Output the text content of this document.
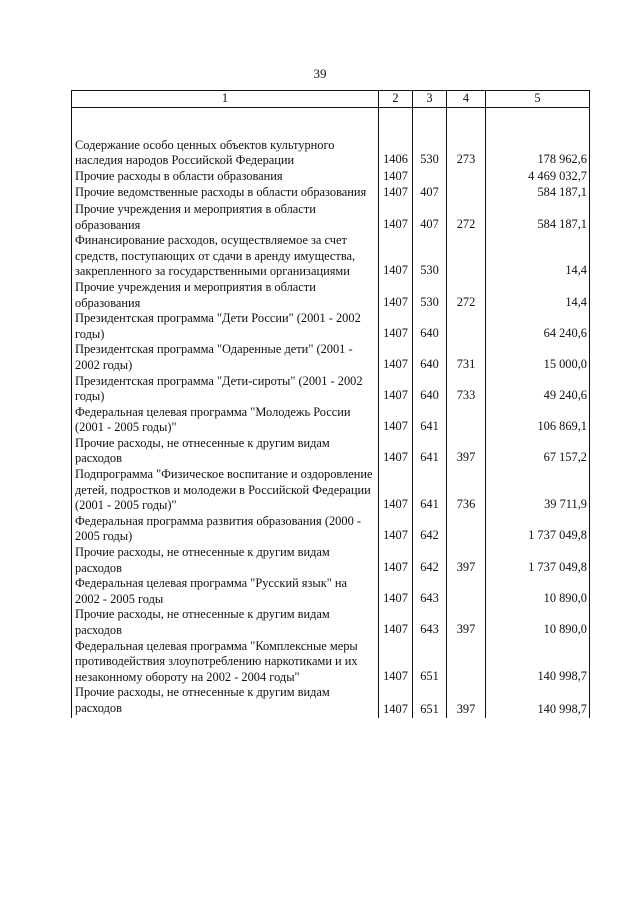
39
1	2	3	4	5

Содержание особо ценных объектов культурного наследия народов Российской Федерации	1406	530	273	178 962,6
Прочие расходы в области образования	1407			4 469 032,7
Прочие ведомственные расходы в области образования	1407	407		584 187,1
Прочие учреждения и мероприятия в области образования	1407	407	272	584 187,1
Финансирование расходов, осуществляемое за счет средств, поступающих от сдачи в аренду имущества, закрепленного за государственными организациями	1407	530		14,4
Прочие учреждения и мероприятия в области образования	1407	530	272	14,4
Президентская программа "Дети России" (2001 - 2002 годы)	1407	640		64 240,6
Президентская программа "Одаренные дети" (2001 - 2002 годы)	1407	640	731	15 000,0
Президентская программа "Дети-сироты" (2001 - 2002 годы)	1407	640	733	49 240,6
Федеральная целевая программа "Молодежь России (2001 - 2005 годы)"	1407	641		106 869,1
Прочие расходы, не отнесенные к другим видам расходов	1407	641	397	67 157,2
Подпрограмма "Физическое воспитание и оздоровление детей, подростков и молодежи в Российской Федерации (2001 - 2005 годы)"	1407	641	736	39 711,9
Федеральная программа развития образования (2000 - 2005 годы)	1407	642		1 737 049,8
Прочие расходы, не отнесенные к другим видам расходов	1407	642	397	1 737 049,8
Федеральная целевая программа "Русский язык" на 2002 - 2005 годы	1407	643		10 890,0
Прочие расходы, не отнесенные к другим видам расходов	1407	643	397	10 890,0
Федеральная целевая программа "Комплексные меры противодействия злоупотреблению наркотиками и их незаконному обороту на 2002 - 2004 годы"	1407	651		140 998,7
Прочие расходы, не отнесенные к другим видам расходов	1407	651	397	140 998,7
